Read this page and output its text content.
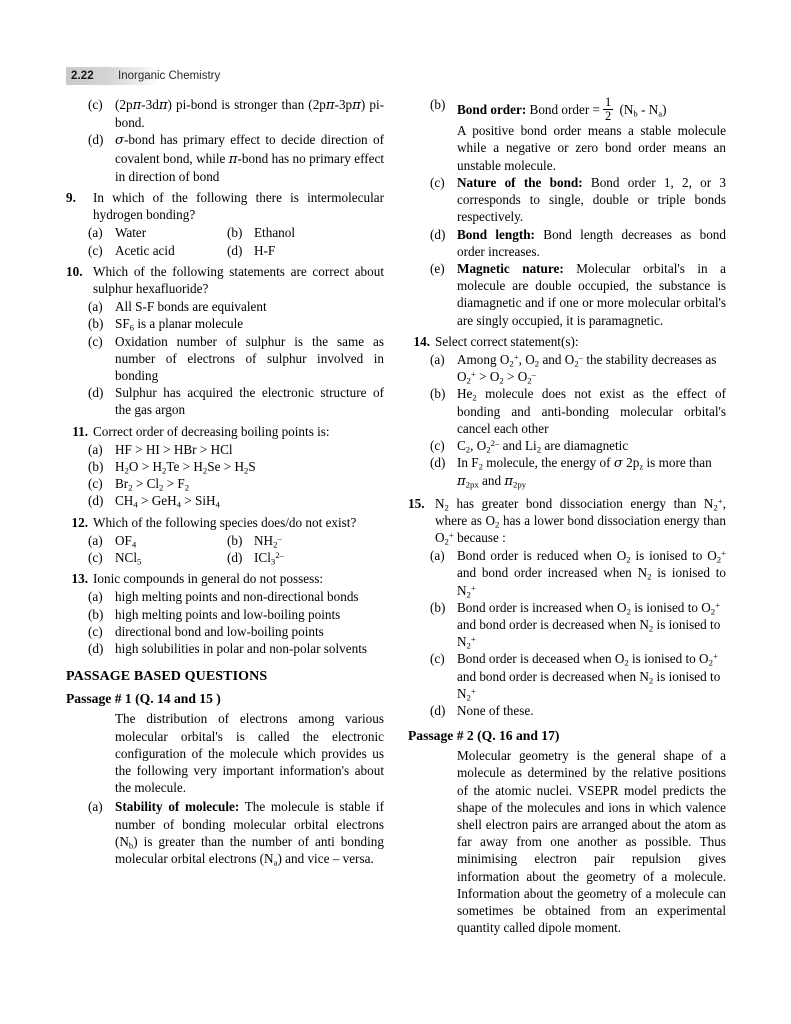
2.22	Inorganic Chemistry
(c) (2pπ-3dπ) pi-bond is stronger than (2pπ-3pπ) pi-bond.
(d) σ-bond has primary effect to decide direction of covalent bond, while π-bond has no primary effect in direction of bond
9.	In which of the following there is intermolecular hydrogen bonding?
(a) Water	(b) Ethanol
(c) Acetic acid	(d) H-F
10. Which of the following statements are correct about sulphur hexafluoride?
(a) All S-F bonds are equivalent
(b) $SF_6$ is a planar molecule
(c) Oxidation number of sulphur is the same as number of electrons of sulphur involved in bonding
(d) Sulphur has acquired the electronic structure of the gas argon
11. Correct order of decreasing boiling points is:
(a) HF > HI > HBr > HCl
(b) $H_2O > H_2Te > H_2Se > H_2S$
(c) $Br_2 > Cl_2 > F_2$
(d) $CH_4 > GeH_4 > SiH_4$
12. Which of the following species does/do not exist?
(a) $OF_4$	(b) $NH_2^-$
(c) NCl$_5$	(d) ICl$_3^{2-}$
13. Ionic compounds in general do not possess:
(a) high melting points and non-directional bonds
(b) high melting points and low-boiling points
(c) directional bond and low-boiling points
(d) high solubilities in polar and non-polar solvents
PASSAGE BASED QUESTIONS
Passage # 1 (Q. 14 and 15 )
The distribution of electrons among various molecular orbital's is called the electronic configuration of the molecule which provides us the following very important information's about the molecule.
(a) Stability of molecule: The molecule is stable if number of bonding molecular orbital electrons $(N_b)$ is greater than the number of anti bonding molecular orbital electrons $(N_a)$ and vice – versa.
(b) Bond order: Bond order = $\frac{1}{2} (N_b - N_a)$
A positive bond order means a stable molecule while a negative or zero bond order means an unstable molecule.
(c) Nature of the bond: Bond order 1, 2, or 3 corresponds to single, double or triple bonds respectively.
(d) Bond length: Bond length decreases as bond order increases.
(e) Magnetic nature: Molecular orbital's in a molecule are double occupied, the substance is diamagnetic and if one or more molecular orbital's are singly occupied, it is paramagnetic.
14. Select correct statement(s):
(a) Among $O_2^+$, $O_2$ and $O_2^-$ the stability decreases as $O_2^+ > O_2 > O_2^-$
(b) $He_2$ molecule does not exist as the effect of bonding and anti-bonding molecular orbital's cancel each other
(c) $C_2$, $O_2^{2-}$ and $Li_2$ are diamagnetic
(d) In $F_2$ molecule, the energy of σ $2p_z$ is more than $\pi_{2px}$ and $\pi_{2py}$
15. $N_2$ has greater bond dissociation energy than $N_2^+$, where as $O_2$ has a lower bond dissociation energy than $O_2^+$ because :
(a) Bond order is reduced when $O_2$ is ionised to $O_2^+$ and bond order increased when $N_2$ is ionised to $N_2^+$
(b) Bond order is increased when $O_2$ is ionised to $O_2^+$ and bond order is decreased when $N_2$ is ionised to $N_2^+$
(c) Bond order is deceased when $O_2$ is ionised to $O_2^+$ and bond order is decreased when $N_2$ is ionised to $N_2^+$
(d) None of these.
Passage # 2 (Q. 16 and 17)
Molecular geometry is the general shape of a molecule as determined by the relative positions of the atomic nuclei. VSEPR model predicts the shape of the molecules and ions in which valence shell electron pairs are arranged about the atom as far away from one another as possible. Thus minimising electron pair repulsion gives information about the geometry of a molecule. Information about the geometry of a molecule can sometimes be obtained from an experimental quantity called dipole moment.
